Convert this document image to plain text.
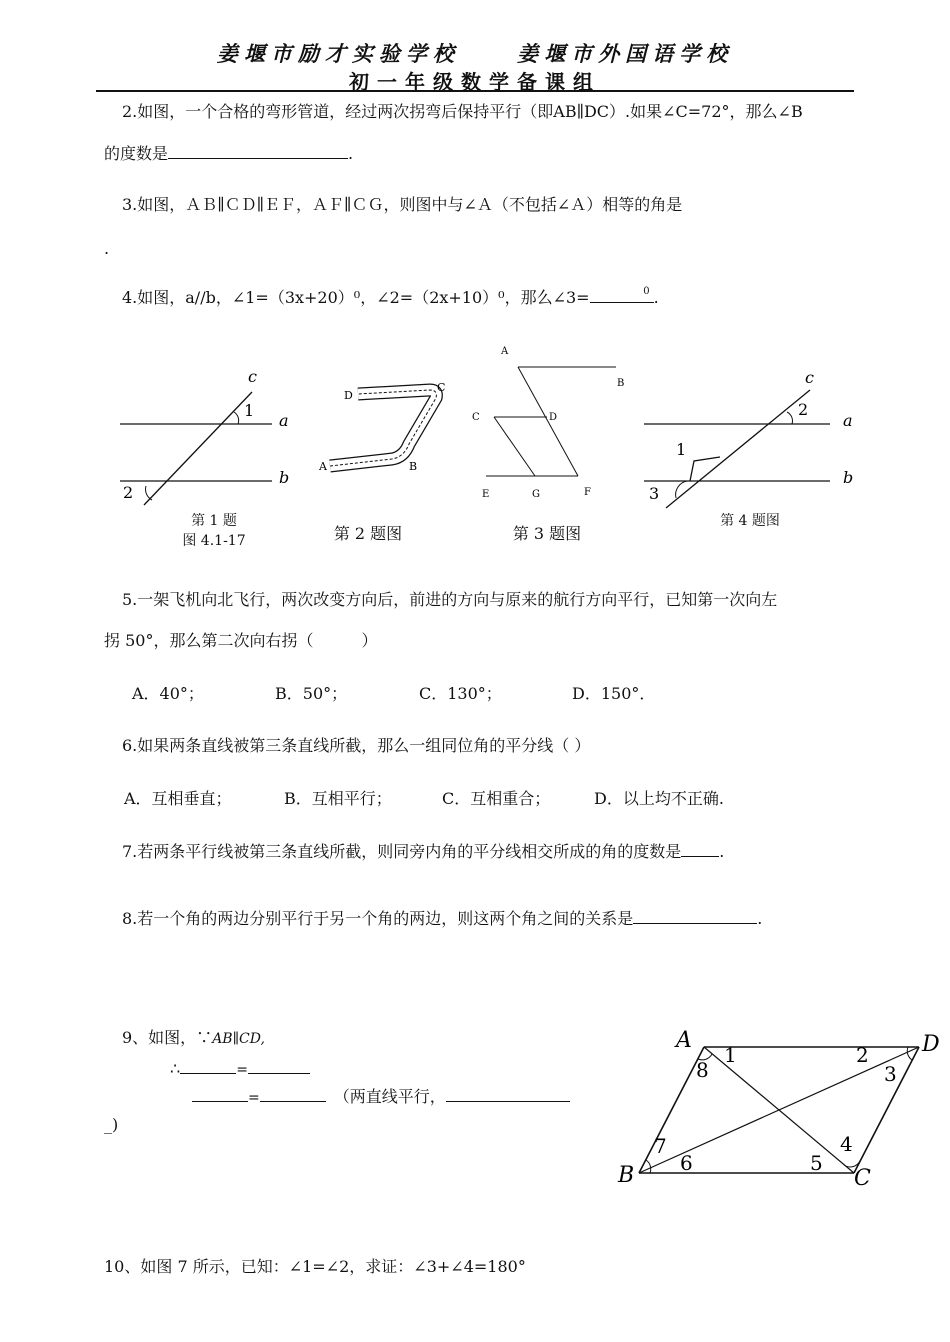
姜堰市励才实验学校	姜堰市外国语学校
初一年级数学备课组
2.如图，一个合格的弯形管道，经过两次拐弯后保持平行（即AB∥DC）.如果∠C=72°，那么∠B
的度数是	.
3.如图，ＡＢ∥ＣＤ∥ＥＦ，ＡＦ∥ＣＧ，则图中与∠Ａ（不包括∠Ａ）相等的角是
.
4.如图，a//b，∠1=（3x+20）⁰，∠2=（2x+10）⁰，那么∠3=	0 .
c
1
a
b
2
A	B
C
D
A
B
C	D
E	G	F
c
2
a
b
1
3
第 1 题
图 4.1-17	第 2 题图	第 3 题图
第 4 题图
5.一架飞机向北飞行，两次改变方向后，前进的方向与原来的航行方向平行，已知第一次向左
拐 50°，那么第二次向右拐（　　　）
A．40°；	B．50°；	C．130°；	D．150°．
6.如果两条直线被第三条直线所截，那么一组同位角的平分线（ ）
A．互相垂直；	B．互相平行；	C．互相重合；	D．以上均不正确.
7.若两条平行线被第三条直线所截，则同旁内角的平分线相交所成的角的度数是 .
8.若一个角的两边分别平行于另一个角的两边，则这两个角之间的关系是	.
9、如图，∵AB∥CD,
∴	=
=	（两直线平行，
_)
A	D
B	C
1	2
3
4
5
6
7
8
10、如图 7 所示，已知：∠1=∠2，求证：∠3+∠4=180°
